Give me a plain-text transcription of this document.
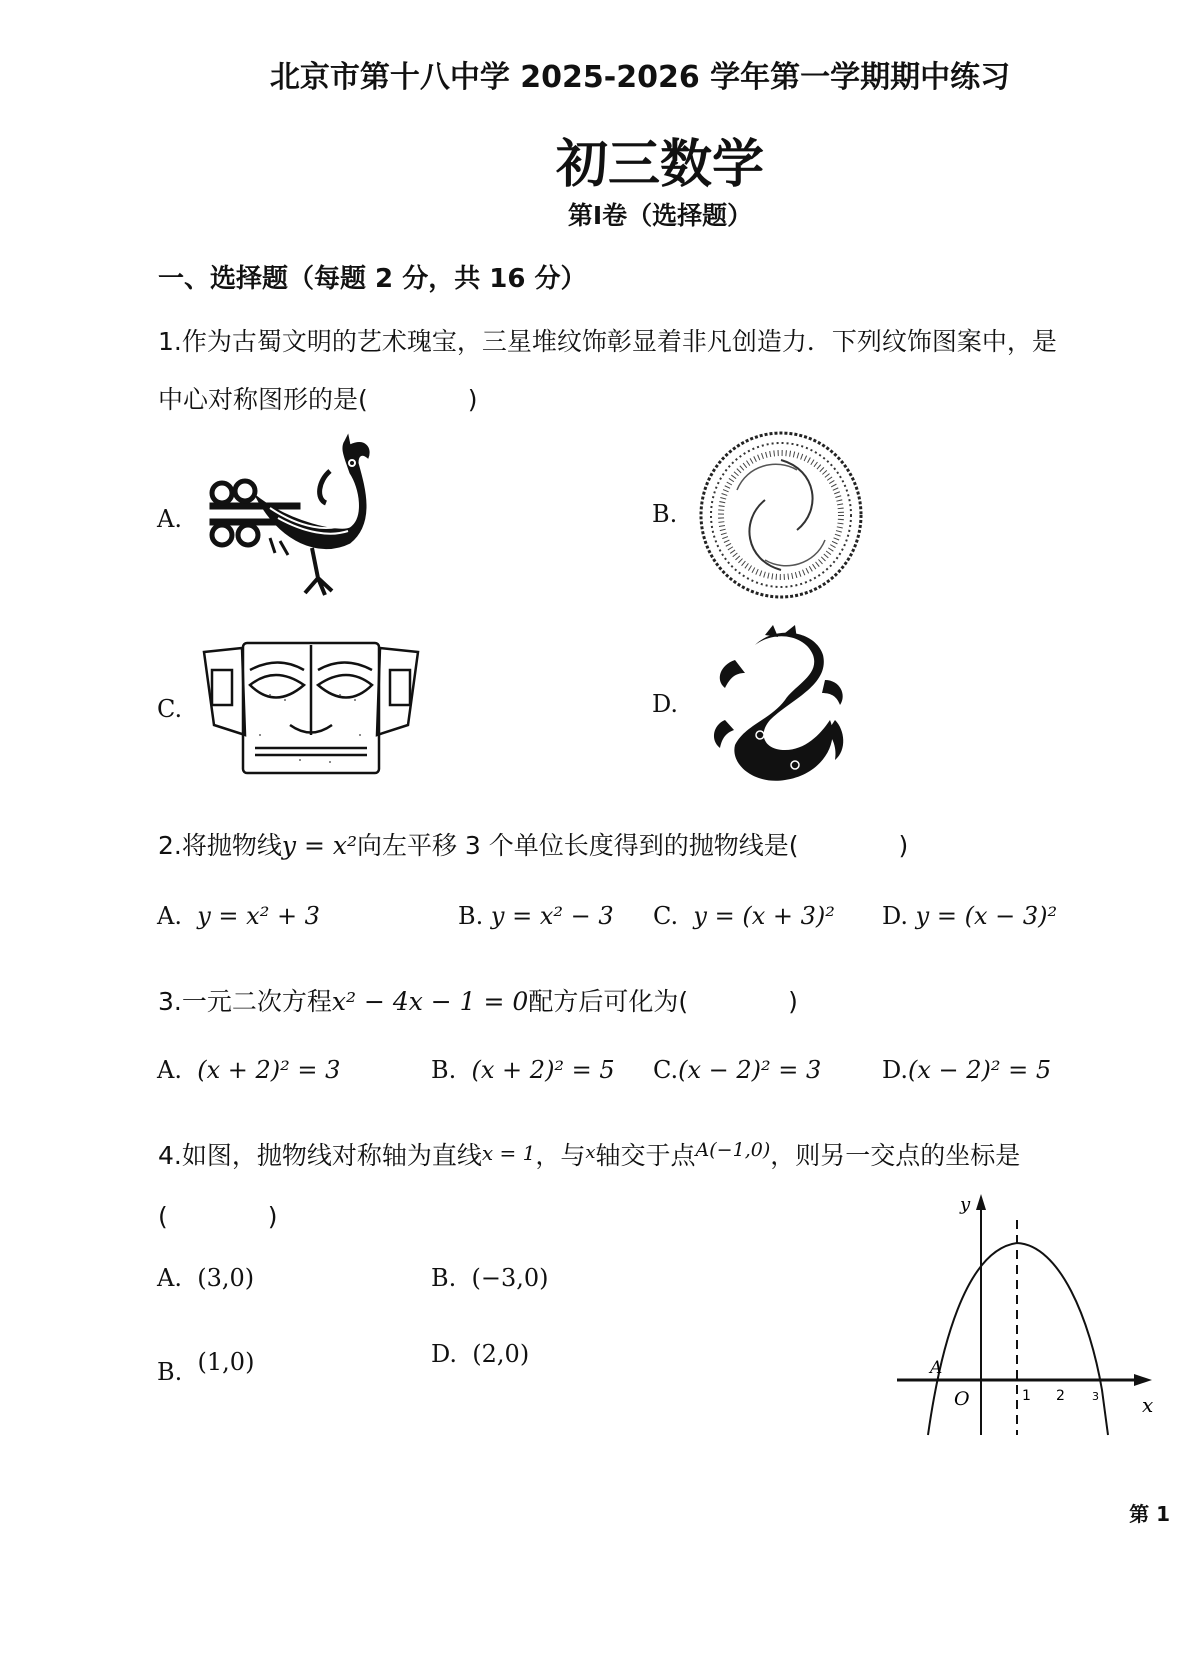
北京市第十八中学 2025-2026 学年第一学期期中练习
初三数学
第Ⅰ卷（选择题）
一、选择题（每题 2 分，共 16 分）
1.作为古蜀文明的艺术瑰宝，三星堆纹饰彰显着非凡创造力．下列纹饰图案中，是
中心对称图形的是(　　　　)
A.	B.
C.	D.
2.将抛物线y = x²向左平移 3 个单位长度得到的抛物线是(　　　　)
A. y = x² + 3	B. y = x² − 3 C. y = (x + 3)² D. y = (x − 3)²
3.一元二次方程x² − 4x − 1 = 0配方后可化为(　　　　)
A. (x + 2)² = 3	B. (x + 2)² = 5 C.(x − 2)² = 3	D.(x − 2)² = 5
4.如图，抛物线对称轴为直线x = 1，与$^x$轴交于点$^{A(-1,0)}$，则另一交点的坐标是
(　　　　)
A. (3,0)	B. (−3,0)
B. (1,0)	D. (2,0)
y
x
O
A
1 2 3
第 1
